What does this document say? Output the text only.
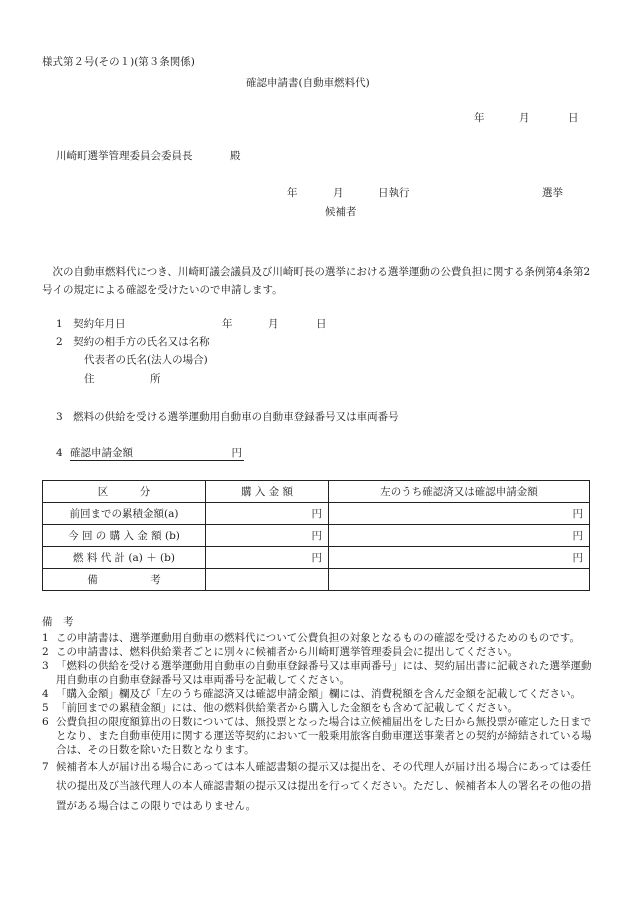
様式第２号(その１)(第３条関係)
確認申請書(自動車燃料代)
年	月	日
川崎町選挙管理委員会委員長	殿
年	月	日執行	選挙
候補者
次の自動車燃料代につき、川崎町議会議員及び川崎町長の選挙における選挙運動の公費負担に関する条例第4条第2号イの規定による確認を受けたいので申請します。
1　契約年月日	年	月	日
2　契約の相手方の氏名又は名称
代表者の氏名(法人の場合)
住	所
3　燃料の供給を受ける選挙運動用自動車の自動車登録番号又は車両番号
4 確認申請金額	円
区　　　分	購 入 金 額	左のうち確認済又は確認申請金額
前回までの累積金額(a)	円	円
今 回 の 購 入 金 額 (b)	円	円
燃 料 代 計 (a) ＋ (b)	円	円
備　　　　　考		
備　考
1 この申請書は、選挙運動用自動車の燃料代について公費負担の対象となるものの確認を受けるためのものです。
2 この申請書は、燃料供給業者ごとに別々に候補者から川崎町選挙管理委員会に提出してください。
3 「燃料の供給を受ける選挙運動用自動車の自動車登録番号又は車両番号」には、契約届出書に記載された選挙運動用自動車の自動車登録番号又は車両番号を記載してください。
4 「購入金額」欄及び「左のうち確認済又は確認申請金額」欄には、消費税額を含んだ金額を記載してください。
5 「前回までの累積金額」には、他の燃料供給業者から購入した金額をも含めて記載してください。
6 公費負担の限度額算出の日数については、無投票となった場合は立候補届出をした日から無投票が確定した日までとなり、また自動車使用に関する運送等契約において一般乗用旅客自動車運送事業者との契約が締結されている場合は、その日数を除いた日数となります。
7 候補者本人が届け出る場合にあっては本人確認書類の提示又は提出を、その代理人が届け出る場合にあっては委任状の提出及び当該代理人の本人確認書類の提示又は提出を行ってください。ただし、候補者本人の署名その他の措置がある場合はこの限りではありません。
